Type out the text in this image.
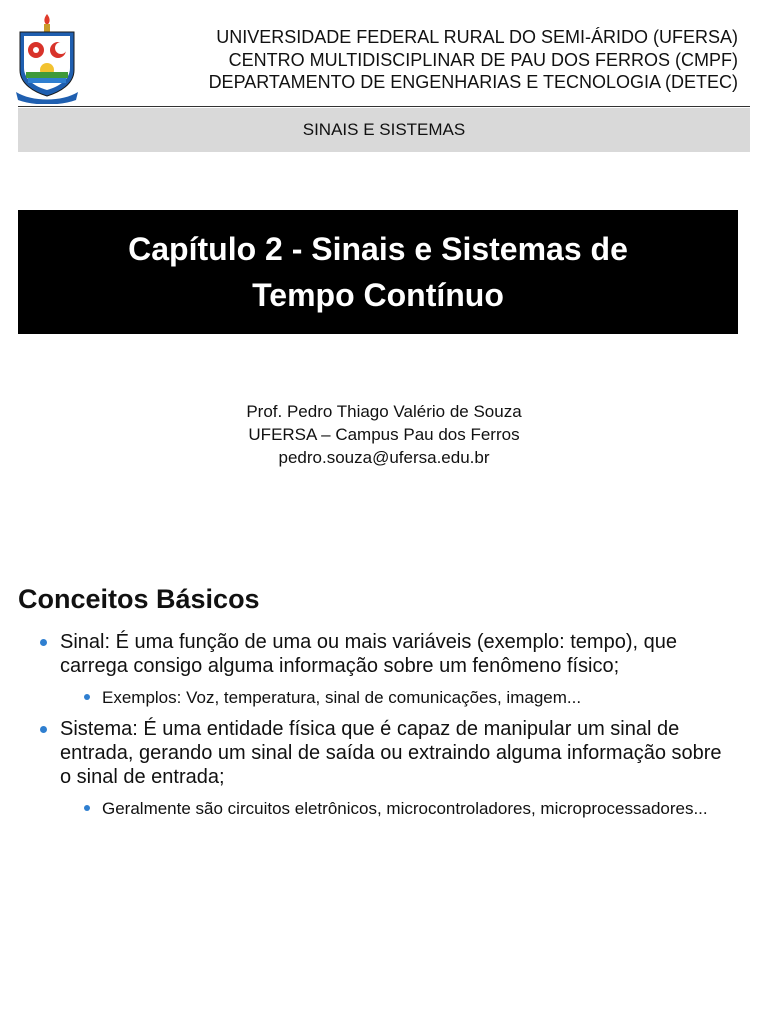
UNIVERSIDADE FEDERAL RURAL DO SEMI-ÁRIDO (UFERSA)
CENTRO MULTIDISCIPLINAR DE PAU DOS FERROS (CMPF)
DEPARTAMENTO DE ENGENHARIAS E TECNOLOGIA (DETEC)
SINAIS E SISTEMAS
Capítulo 2 - Sinais e Sistemas de
Tempo Contínuo
Prof. Pedro Thiago Valério de Souza
UFERSA – Campus Pau dos Ferros
pedro.souza@ufersa.edu.br
Conceitos Básicos
Sinal: É uma função de uma ou mais variáveis (exemplo: tempo), que carrega consigo alguma informação sobre um fenômeno físico;
Exemplos: Voz, temperatura, sinal de comunicações, imagem...
Sistema: É uma entidade física que é capaz de manipular um sinal de entrada, gerando um sinal de saída ou extraindo alguma informação sobre o sinal de entrada;
Geralmente são circuitos eletrônicos, microcontroladores, microprocessadores...
